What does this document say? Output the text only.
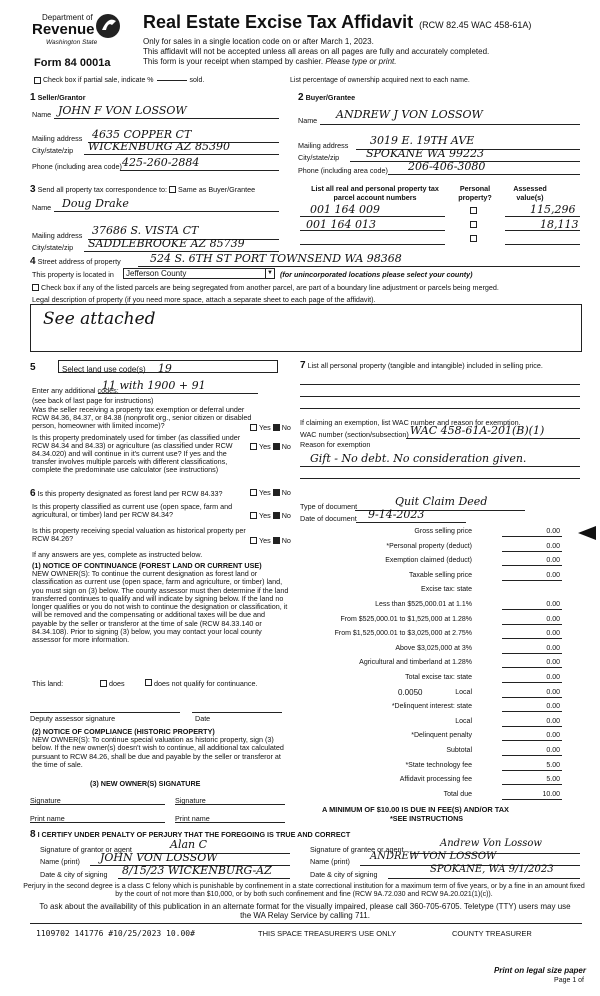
Department of
Revenue
Washington State
Form 84 0001a
Real Estate Excise Tax Affidavit (RCW 82.45 WAC 458-61A)
Only for sales in a single location code on or after March 1, 2023.
This affidavit will not be accepted unless all areas on all pages are fully and accurately completed.
This form is your receipt when stamped by cashier. Please type or print.
Check box if partial sale, indicate %	sold.	List percentage of ownership acquired next to each name.
1 Seller/Grantor
Name JOHN F VON LOSSOW
Mailing address 4635 COPPER CT
City/state/zip WICKENBURG AZ 85390
Phone (including area code) 425-260-2884
2 Buyer/Grantee
Name ANDREW J VON LOSSOW
Mailing address 3019 E. 19TH AVE
City/state/zip SPOKANE WA 99223
Phone (including area code) 206-406-3080
3
Send all property tax correspondence to: Same as Buyer/Grantee
Name Doug Drake
Mailing address 37686 S. VISTA CT
City/state/zip SADDLEBROOKE AZ 85739
List all real and personal property tax parcel account numbers
Personal property?
Assessed value(s)
001 164 009	115,296
001 164 013	18,113
4 Street address of property	524 S. 6TH ST PORT TOWNSEND WA 98368
This property is located in Jefferson County	▼ (for unincorporated locations please select your county)
Check box if any of the listed parcels are being segregated from another parcel, are part of a boundary line adjustment or parcels being merged.
Legal description of property (if you need more space, attach a separate sheet to each page of the affidavit).
See attached
5	Select land use code(s) 19
Enter any additional codes:
11 with 1900 + 91
(see back of last page for instructions)
Was the seller receiving a property tax exemption or deferral under RCW 84.36, 84.37, or 84.38 (nonprofit org., senior citizen or disabled person, homeowner with limited income)?	Yes No
Is this property predominately used for timber (as classified under RCW 84.34 and 84.33) or agriculture (as classified under RCW 84.34.020) and will continue in it's current use? If yes and the transfer involves multiple parcels with different classifications, complete the predominate use calculator (see instructions)
Yes No
6 Is this property designated as forest land per RCW 84.33?	Yes No
Is this property classified as current use (open space, farm and agricultural, or timber) land per RCW 84.34?	Yes No
Is this property receiving special valuation as historical property per RCW 84.26?	Yes No
If any answers are yes, complete as instructed below.
(1) NOTICE OF CONTINUANCE (FOREST LAND OR CURRENT USE)
NEW OWNER(S): To continue the current designation as forest land or classification as current use (open space, farm and agriculture, or timber) land, you must sign on (3) below. The county assessor must then determine if the land transferred continues to qualify and will indicate by signing below. If the land no longer qualifies or you do not wish to continue the designation or classification, it will be removed and the compensating or additional taxes will be due and payable by the seller or transferor at the time of sale (RCW 84.33.140 or 84.34.108). Prior to signing (3) below, you may contact your local county assessor for more information.
This land:	does	does not qualify for continuance.
Deputy assessor signature	Date
(2) NOTICE OF COMPLIANCE (HISTORIC PROPERTY)
NEW OWNER(S): To continue special valuation as historic property, sign (3) below. If the new owner(s) doesn't wish to continue, all additional tax calculated pursuant to RCW 84.26, shall be due and payable by the seller or transferor at the time of sale.
(3) NEW OWNER(S) SIGNATURE
Signature	Signature
Print name	Print name
7 List all personal property (tangible and intangible) included in selling price.
If claiming an exemption, list WAC number and reason for exemption.
WAC number (section/subsection) WAC 458-61A-201(B)(1)
Reason for exemption
Gift - No debt. No consideration given.
Type of document	Quit Claim Deed
Date of document 9-14-2023
Gross selling price	0.00
*Personal property (deduct)	0.00
Exemption claimed (deduct)	0.00
Taxable selling price	0.00
Excise tax: state
Less than $525,000.01 at 1.1%	0.00
From $525,000.01 to $1,525,000 at 1.28%	0.00
From $1,525,000.01 to $3,025,000 at 2.75%	0.00
Above $3,025,000 at 3%	0.00
Agricultural and timberland at 1.28%	0.00
Total excise tax: state	0.00
Local
0.0050	0.00
*Delinquent interest: state	0.00
Local	0.00
*Delinquent penalty	0.00
Subtotal	0.00
*State technology fee	5.00
Affidavit processing fee	5.00
Total due	10.00
A MINIMUM OF $10.00 IS DUE IN FEE(S) AND/OR TAX
*SEE INSTRUCTIONS
8 I CERTIFY UNDER PENALTY OF PERJURY THAT THE FOREGOING IS TRUE AND CORRECT
Signature of grantor or agent	Alan C
Name (print) JOHN VON LOSSOW
Date & city of signing 8/15/23 WICKENBURG-AZ
Signature of grantee or agent
Andrew Von Lossow
Name (print) ANDREW VON LOSSOW
Date & city of signing	SPOKANE, WA 9/1/2023
Perjury in the second degree is a class C felony which is punishable by confinement in a state correctional institution for a maximum term of five years, or by a fine in an amount fixed by the court of not more than $10,000, or by both such confinement and fine (RCW 9A.72.030 and RCW 9A.20.021(1)(c)).
To ask about the availability of this publication in an alternate format for the visually impaired, please call 360-705-6705. Teletype (TTY) users may use the WA Relay Service by calling 711.
1109702 141776 #10/25/2023 10.00#	THIS SPACE TREASURER'S USE ONLY	COUNTY TREASURER
Print on legal size paper
Page 1 of
